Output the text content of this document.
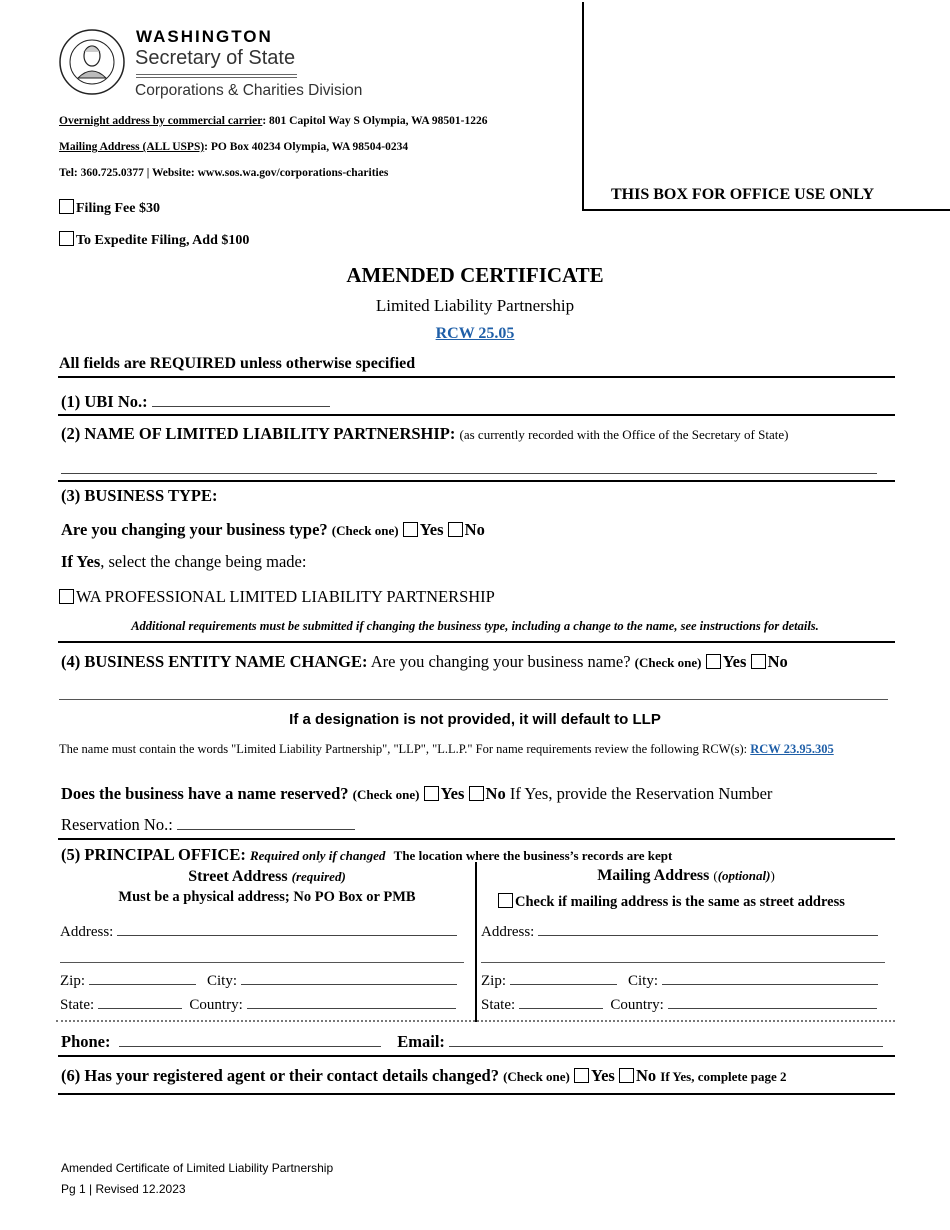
WASHINGTON
Secretary of State
Corporations & Charities Division
THIS BOX FOR OFFICE USE ONLY
Overnight address by commercial carrier: 801 Capitol Way S Olympia, WA 98501-1226
Mailing Address (ALL USPS): PO Box 40234 Olympia, WA 98504-0234
Tel: 360.725.0377 | Website: www.sos.wa.gov/corporations-charities
Filing Fee $30
To Expedite Filing, Add $100
AMENDED CERTIFICATE
Limited Liability Partnership
RCW 25.05
All fields are REQUIRED unless otherwise specified
(1) UBI No.:
(2) NAME OF LIMITED LIABILITY PARTNERSHIP: (as currently recorded with the Office of the Secretary of State)
(3) BUSINESS TYPE:
Are you changing your business type? (Check one) Yes No
If Yes, select the change being made:
WA PROFESSIONAL LIMITED LIABILITY PARTNERSHIP
Additional requirements must be submitted if changing the business type, including a change to the name, see instructions for details.
(4) BUSINESS ENTITY NAME CHANGE: Are you changing your business name? (Check one) Yes No
If a designation is not provided, it will default to LLP
The name must contain the words "Limited Liability Partnership", "LLP", "L.L.P." For name requirements review the following RCW(s): RCW 23.95.305
Does the business have a name reserved? (Check one) Yes No If Yes, provide the Reservation Number
Reservation No.:
(5) PRINCIPAL OFFICE: Required only if changed The location where the business’s records are kept
Street Address (required)
Must be a physical address; No PO Box or PMB
Mailing Address ((optional))
Check if mailing address is the same as street address
Address:
Zip:	City:
State:	Country:
Address:
Zip:	City:
State:	Country:
Phone:	Email:
(6) Has your registered agent or their contact details changed? (Check one) Yes No If Yes, complete page 2
Amended Certificate of Limited Liability Partnership
Pg 1 | Revised 12.2023
